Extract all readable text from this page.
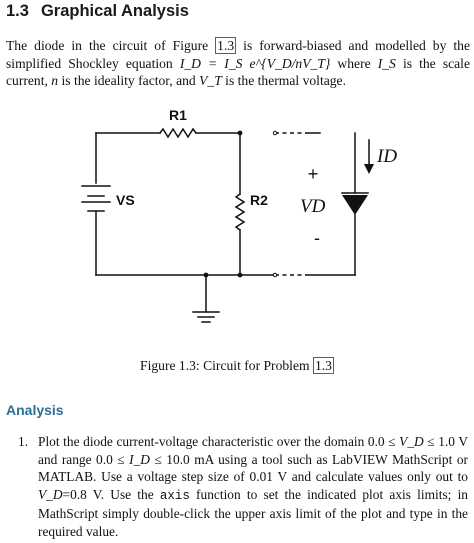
1.3 Graphical Analysis
The diode in the circuit of Figure 1.3 is forward-biased and modelled by the simplified Shockley equation I_D = I_S e^{V_D/nV_T} where I_S is the scale current, n is the ideality factor, and V_T is the thermal voltage.
R1
R2
VS
ID
VD
+
-
Figure 1.3: Circuit for Problem 1.3
Analysis
1. Plot the diode current-voltage characteristic over the domain 0.0 ≤ V_D ≤ 1.0 V and range 0.0 ≤ I_D ≤ 10.0 mA using a tool such as LabVIEW MathScript or MATLAB. Use a voltage step size of 0.01 V and calculate values only out to V_D=0.8 V. Use the axis function to set the indicated plot axis limits; in MathScript simply double-click the upper axis limit of the plot and type in the required value.
